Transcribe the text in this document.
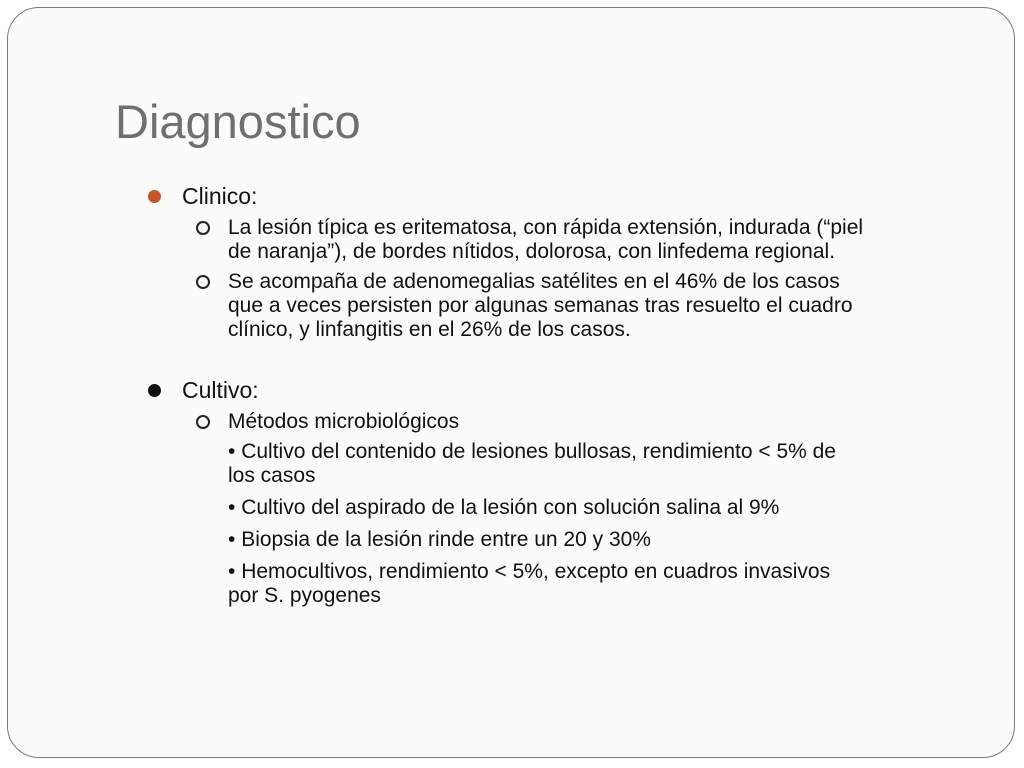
Diagnostico
Clinico:
La lesión típica es eritematosa, con rápida extensión, indurada (“piel de naranja”), de bordes nítidos, dolorosa, con linfedema regional.
Se acompaña de adenomegalias satélites en el 46% de los casos que a veces persisten por algunas semanas tras resuelto el cuadro clínico, y linfangitis en el 26% de los casos.
Cultivo:
Métodos microbiológicos
• Cultivo del contenido de lesiones bullosas, rendimiento < 5% de los casos
• Cultivo del aspirado de la lesión con solución salina al 9%
• Biopsia de la lesión rinde entre un 20 y 30%
• Hemocultivos, rendimiento < 5%, excepto en cuadros invasivos por S. pyogenes
